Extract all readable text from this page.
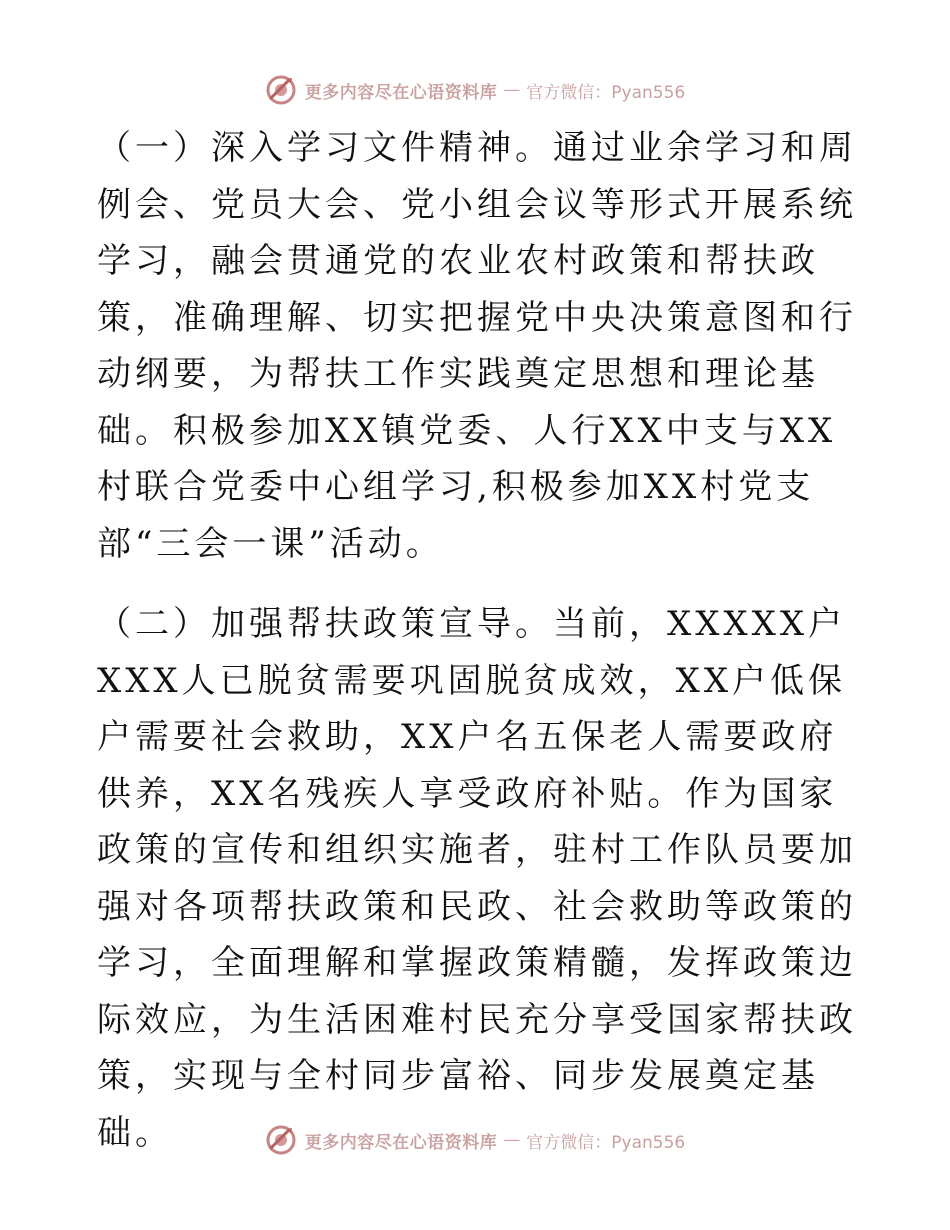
更多内容尽在心语资料库 — 官方微信：Pyan556

（一）深入学习文件精神。通过业余学习和周例会、党员大会、党小组会议等形式开展系统学习，融会贯通党的农业农村政策和帮扶政策，准确理解、切实把握党中央决策意图和行动纲要，为帮扶工作实践奠定思想和理论基础。积极参加XX镇党委、人行XX中支与XX村联合党委中心组学习,积极参加XX村党支部“三会一课”活动。

（二）加强帮扶政策宣导。当前，XXXXX户XXX人已脱贫需要巩固脱贫成效，XX户低保户需要社会救助，XX户名五保老人需要政府供养，XX名残疾人享受政府补贴。作为国家政策的宣传和组织实施者，驻村工作队员要加强对各项帮扶政策和民政、社会救助等政策的学习，全面理解和掌握政策精髓，发挥政策边际效应，为生活困难村民充分享受国家帮扶政策，实现与全村同步富裕、同步发展奠定基础。	更多内容尽在心语资料库 — 官方微信：Pyan556
